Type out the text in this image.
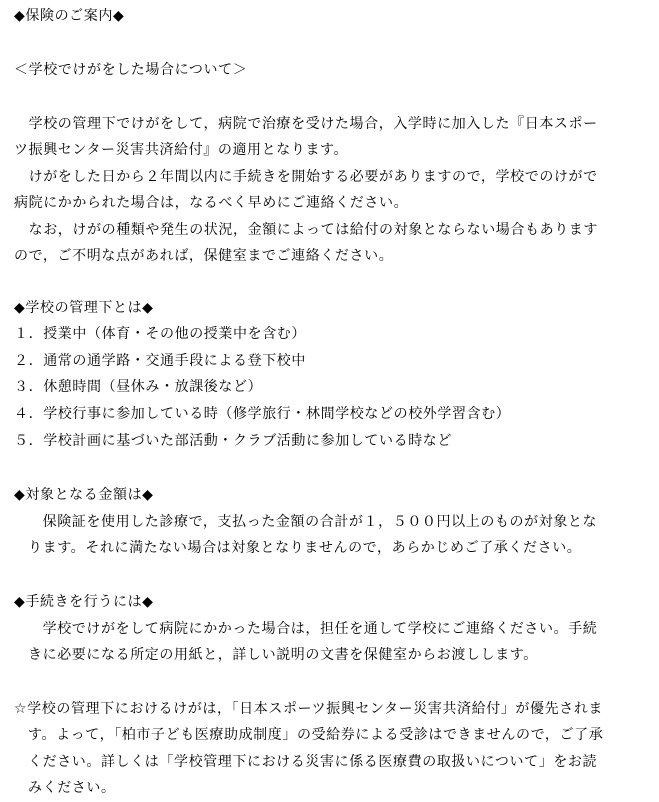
◆保険のご案内◆
＜学校でけがをした場合について＞
　学校の管理下でけがをして，病院で治療を受けた場合，入学時に加入した『日本スポー
ツ振興センター災害共済給付』の適用となります。
　けがをした日から２年間以内に手続きを開始する必要がありますので，学校でのけがで
病院にかかられた場合は，なるべく早めにご連絡ください。
　なお，けがの種類や発生の状況，金額によっては給付の対象とならない場合もあります
ので，ご不明な点があれば，保健室までご連絡ください。
◆学校の管理下とは◆
１．授業中（体育・その他の授業中を含む）
２．通常の通学路・交通手段による登下校中
３．休憩時間（昼休み・放課後など）
４．学校行事に参加している時（修学旅行・林間学校などの校外学習含む）
５．学校計画に基づいた部活動・クラブ活動に参加している時など
◆対象となる金額は◆
　保険証を使用した診療で，支払った金額の合計が１，５００円以上のものが対象とな
ります。それに満たない場合は対象となりませんので，あらかじめご了承ください。
◆手続きを行うには◆
　学校でけがをして病院にかかった場合は，担任を通して学校にご連絡ください。手続
きに必要になる所定の用紙と，詳しい説明の文書を保健室からお渡しします。
☆学校の管理下におけるけがは，「日本スポーツ振興センター災害共済給付」が優先されま
す。よって，「柏市子ども医療助成制度」の受給券による受診はできませんので，ご了承
ください。詳しくは「学校管理下における災害に係る医療費の取扱いについて」をお読
みください。
